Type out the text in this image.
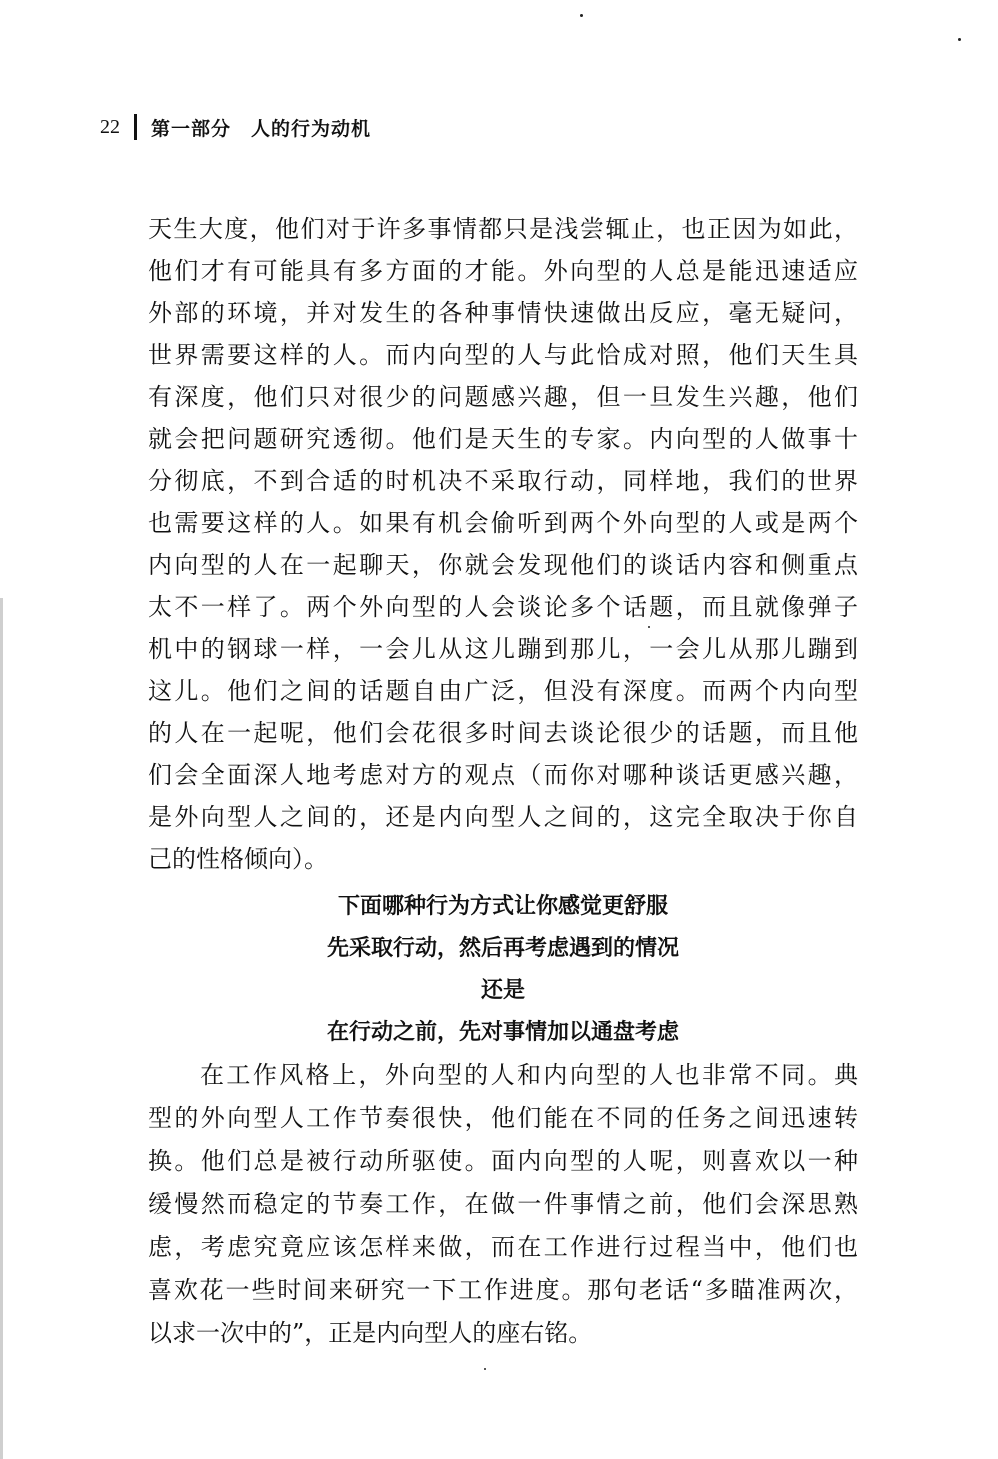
22 第一部分　人的行为动机
天生大度，他们对于许多事情都只是浅尝辄止，也正因为如此，
他们才有可能具有多方面的才能。外向型的人总是能迅速适应
外部的环境，并对发生的各种事情快速做出反应，毫无疑问，
世界需要这样的人。而内向型的人与此恰成对照，他们天生具
有深度，他们只对很少的问题感兴趣，但一旦发生兴趣，他们
就会把问题研究透彻。他们是天生的专家。内向型的人做事十
分彻底，不到合适的时机决不采取行动，同样地，我们的世界
也需要这样的人。如果有机会偷听到两个外向型的人或是两个
内向型的人在一起聊天，你就会发现他们的谈话内容和侧重点
太不一样了。两个外向型的人会谈论多个话题，而且就像弹子
机中的钢球一样，一会儿从这儿蹦到那儿，一会儿从那儿蹦到
这儿。他们之间的话题自由广泛，但没有深度。而两个内向型
的人在一起呢，他们会花很多时间去谈论很少的话题，而且他
们会全面深人地考虑对方的观点（而你对哪种谈话更感兴趣，
是外向型人之间的，还是内向型人之间的，这完全取决于你自
己的性格倾向）。
下面哪种行为方式让你感觉更舒服
先采取行动，然后再考虑遇到的情况
还是
在行动之前，先对事情加以通盘考虑
在工作风格上，外向型的人和内向型的人也非常不同。典
型的外向型人工作节奏很快，他们能在不同的任务之间迅速转
换。他们总是被行动所驱使。面内向型的人呢，则喜欢以一种
缓慢然而稳定的节奏工作，在做一件事情之前，他们会深思熟
虑，考虑究竟应该怎样来做，而在工作进行过程当中，他们也
喜欢花一些时间来研究一下工作进度。那句老话“多瞄准两次，
以求一次中的”，正是内向型人的座右铭。
